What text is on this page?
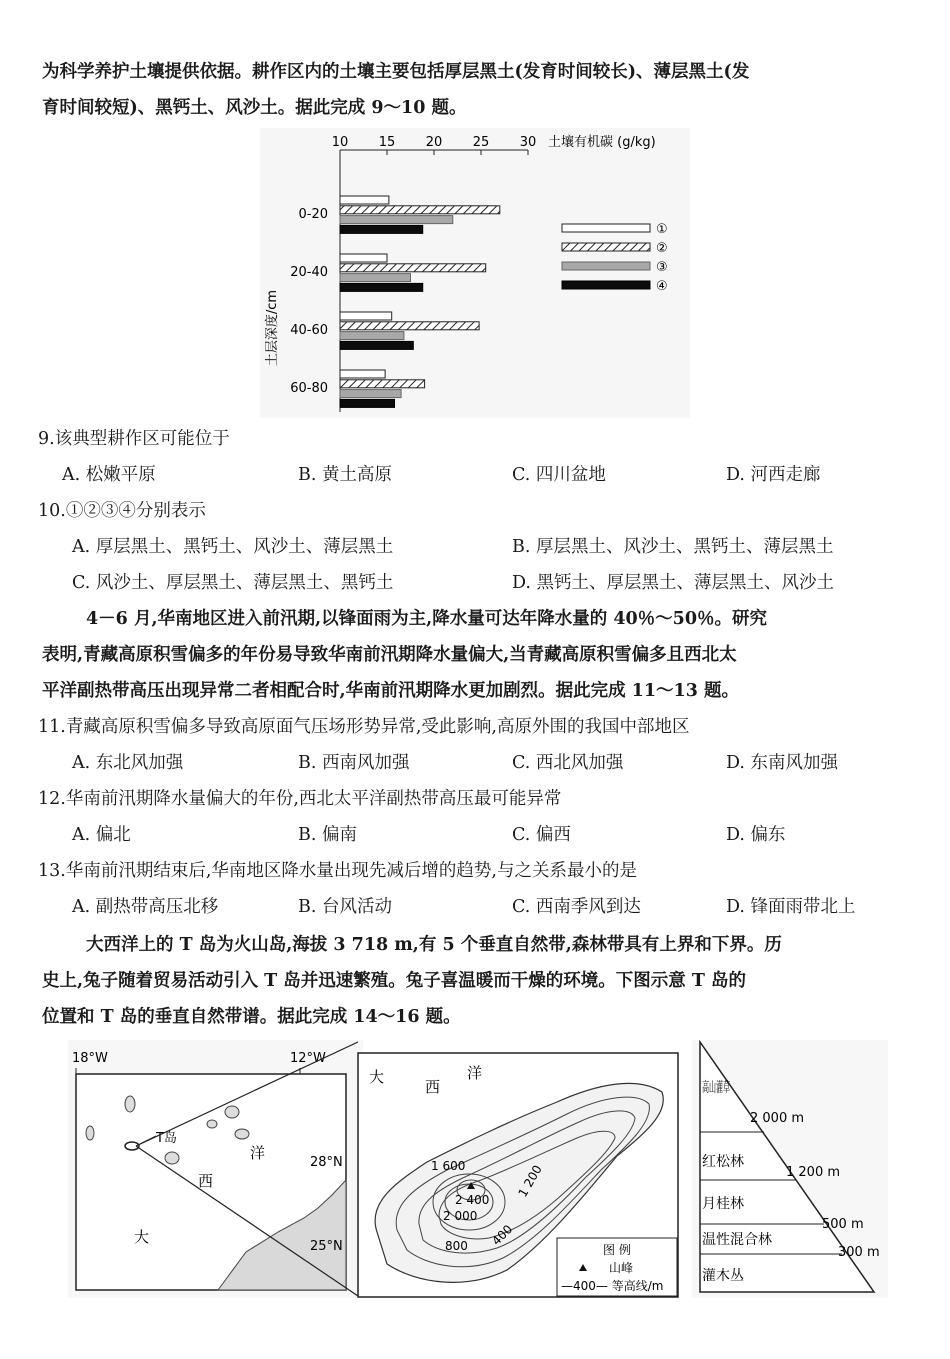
为科学养护土壤提供依据。耕作区内的土壤主要包括厚层黑土(发育时间较长)、薄层黑土(发
育时间较短)、黑钙土、风沙土。据此完成 9～10 题。
10 15 20 25 30 土壤有机碳 (g/kg)
土层深度/cm
0-20
20-40
40-60
60-80
①
②
③
④
9.该典型耕作区可能位于
A. 松嫩平原	B. 黄土高原	C. 四川盆地	D. 河西走廊
10.①②③④分别表示
A. 厚层黑土、黑钙土、风沙土、薄层黑土	B. 厚层黑土、风沙土、黑钙土、薄层黑土
C. 风沙土、厚层黑土、薄层黑土、黑钙土	D. 黑钙土、厚层黑土、薄层黑土、风沙土
4－6 月,华南地区进入前汛期,以锋面雨为主,降水量可达年降水量的 40％～50％。研究
表明,青藏高原积雪偏多的年份易导致华南前汛期降水量偏大,当青藏高原积雪偏多且西北太
平洋副热带高压出现异常二者相配合时,华南前汛期降水更加剧烈。据此完成 11～13 题。
11.青藏高原积雪偏多导致高原面气压场形势异常,受此影响,高原外围的我国中部地区
A. 东北风加强	B. 西南风加强	C. 西北风加强	D. 东南风加强
12.华南前汛期降水量偏大的年份,西北太平洋副热带高压最可能异常
A. 偏北	B. 偏南	C. 偏西	D. 偏东
13.华南前汛期结束后,华南地区降水量出现先减后增的趋势,与之关系最小的是
A. 副热带高压北移	B. 台风活动	C. 西南季风到达	D. 锋面雨带北上
大西洋上的 T 岛为火山岛,海拔 3 718 m,有 5 个垂直自然带,森林带具有上界和下界。历
史上,兔子随着贸易活动引入 T 岛并迅速繁殖。兔子喜温暖而干燥的环境。下图示意 T 岛的
位置和 T 岛的垂直自然带谱。据此完成 14～16 题。
T岛
18°W	12°W
28°N
25°N
大
西
洋
大
西
洋
1 600
2 400
2 000
1 200
800 400
图 例
山峰
—400— 等高线/m
红松林
月桂林
温性混合林
灌木丛
2 000 m
1 200 m
500 m
300 m
